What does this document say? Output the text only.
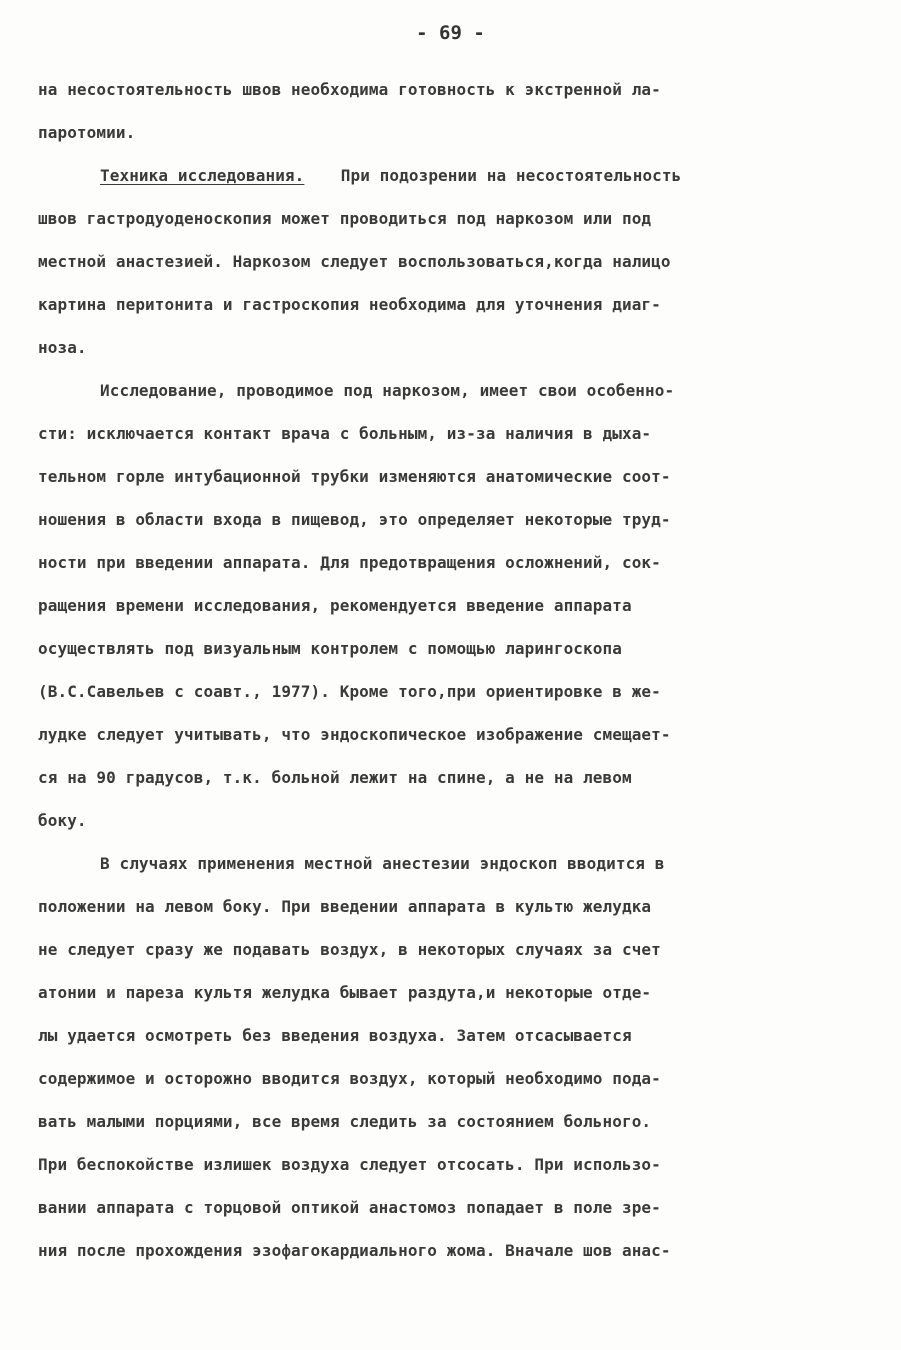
- 69 -
на несостоятельность швов необходима готовность к экстренной ла-
паротомии.
Техника исследования. При подозрении на несостоятельность
швов гастродуоденоскопия может проводиться под наркозом или под
местной анастезией. Наркозом следует воспользоваться,когда налицо
картина перитонита и гастроскопия необходима для уточнения диаг-
ноза.
Исследование, проводимое под наркозом, имеет свои особенно-
сти: исключается контакт врача с больным, из-за наличия в дыха-
тельном горле интубационной трубки изменяются анатомические соот-
ношения в области входа в пищевод, это определяет некоторые труд-
ности при введении аппарата. Для предотвращения осложнений, сок-
ращения времени исследования, рекомендуется введение аппарата
осуществлять под визуальным контролем с помощью ларингоскопа
(В.С.Савельев с соавт., 1977). Кроме того,при ориентировке в же-
лудке следует учитывать, что эндоскопическое изображение смещает-
ся на 90 градусов, т.к. больной лежит на спине, а не на левом
боку.
В случаях применения местной анестезии эндоскоп вводится в
положении на левом боку. При введении аппарата в культю желудка
не следует сразу же подавать воздух, в некоторых случаях за счет
атонии и пареза культя желудка бывает раздута,и некоторые отде-
лы удается осмотреть без введения воздуха. Затем отсасывается
содержимое и осторожно вводится воздух, который необходимо пода-
вать малыми порциями, все время следить за состоянием больного.
При беспокойстве излишек воздуха следует отсосать. При использо-
вании аппарата с торцовой оптикой анастомоз попадает в поле зре-
ния после прохождения эзофагокардиального жома. Вначале шов анас-
